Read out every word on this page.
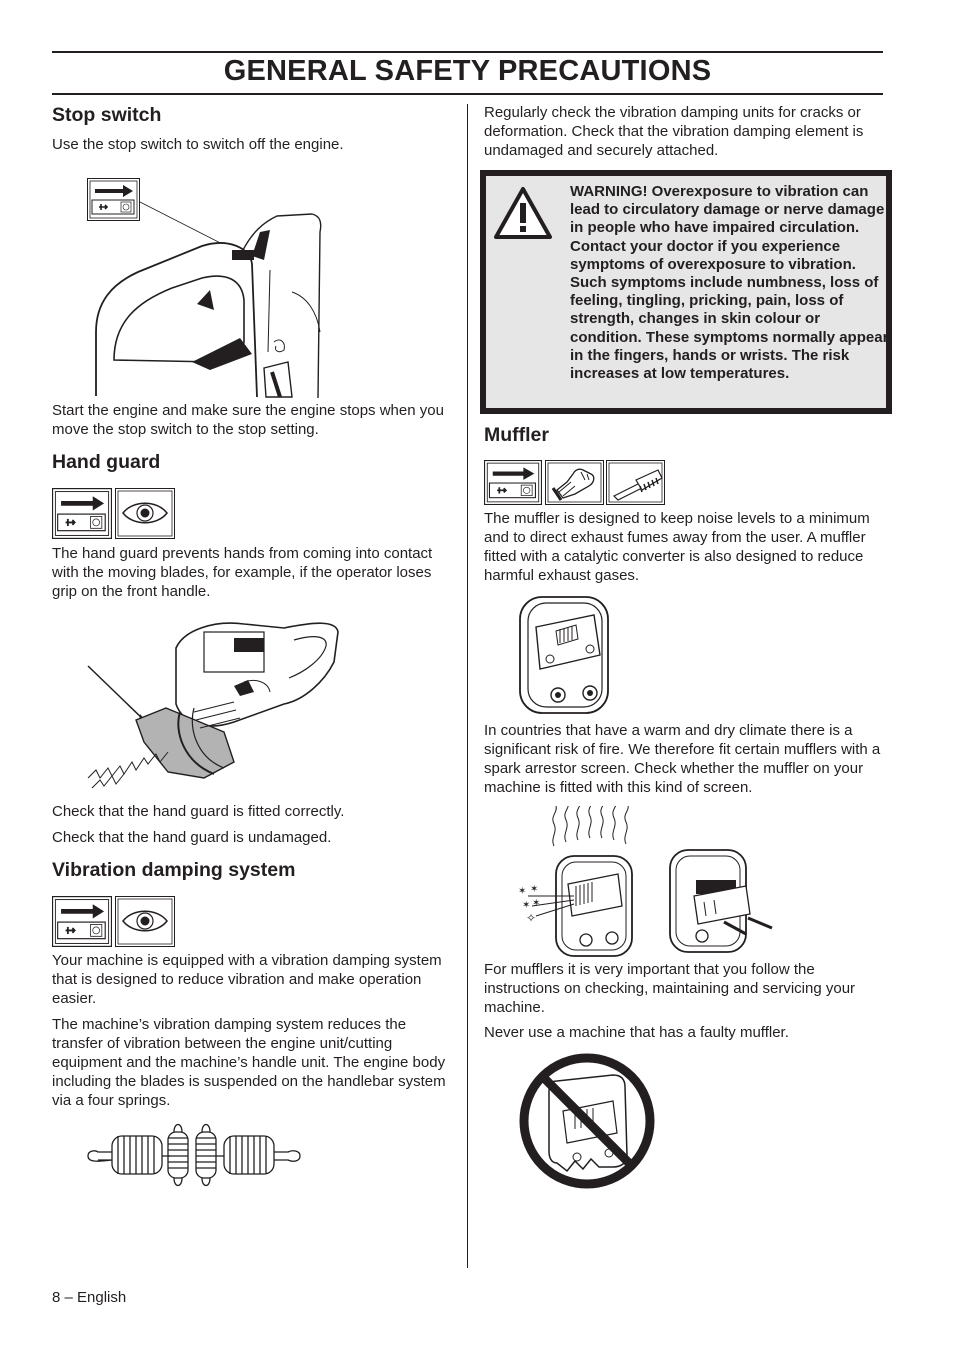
GENERAL SAFETY PRECAUTIONS
Stop switch

Use the stop switch to switch off the engine.

Start the engine and make sure the engine stops when you move the stop switch to the stop setting.

Hand guard

The hand guard prevents hands from coming into contact with the moving blades, for example, if the operator loses grip on the front handle.

Check that the hand guard is fitted correctly.

Check that the hand guard is undamaged.

Vibration damping system

Your machine is equipped with a vibration damping system that is designed to reduce vibration and make operation easier.

The machine’s vibration damping system reduces the transfer of vibration between the engine unit/cutting equipment and the machine’s handle unit. The engine body including the blades is suspended on the handlebar system via a four springs.

Regularly check the vibration damping units for cracks or deformation. Check that the vibration damping element is undamaged and securely attached.

WARNING! Overexposure to vibration can lead to circulatory damage or nerve damage in people who have impaired circulation. Contact your doctor if you experience symptoms of overexposure to vibration. Such symptoms include numbness, loss of feeling, tingling, pricking, pain, loss of strength, changes in skin colour or condition. These symptoms normally appear in the fingers, hands or wrists. The risk increases at low temperatures.
Muffler

The muffler is designed to keep noise levels to a minimum and to direct exhaust fumes away from the user. A muffler fitted with a catalytic converter is also designed to reduce harmful exhaust gases.

In countries that have a warm and dry climate there is a significant risk of fire. We therefore fit certain mufflers with a spark arrestor screen. Check whether the muffler on your machine is fitted with this kind of screen.

✶ ✶
✶ ✶
✧

For mufflers it is very important that you follow the instructions on checking, maintaining and servicing your machine.

Never use a machine that has a faulty muffler.

8 – English
